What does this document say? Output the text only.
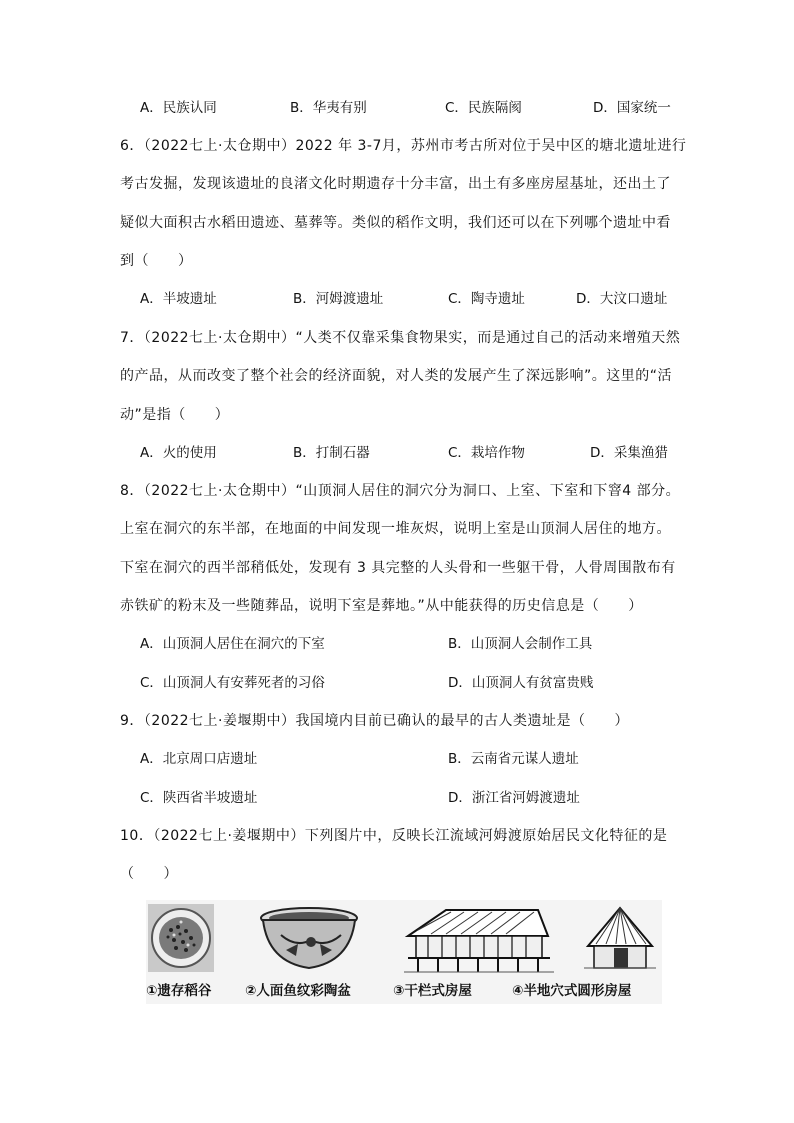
A．民族认同	B．华夷有别	C．民族隔阂	D．国家统一
6．（2022七上·太仓期中）2022 年 3-7月，苏州市考古所对位于吴中区的塘北遗址进行
考古发掘，发现该遗址的良渚文化时期遗存十分丰富，出土有多座房屋基址，还出土了
疑似大面积古水稻田遗迹、墓葬等。类似的稻作文明，我们还可以在下列哪个遗址中看
到（　　）
A．半坡遗址	B．河姆渡遗址	C．陶寺遗址	D．大汶口遗址
7．（2022七上·太仓期中）“人类不仅靠采集食物果实，而是通过自己的活动来增殖天然
的产品，从而改变了整个社会的经济面貌，对人类的发展产生了深远影响”。这里的“活
动”是指（　　）
A．火的使用	B．打制石器	C．栽培作物	D．采集渔猎
8．（2022七上·太仓期中）“山顶洞人居住的洞穴分为洞口、上室、下室和下窨4 部分。
上室在洞穴的东半部，在地面的中间发现一堆灰烬，说明上室是山顶洞人居住的地方。
下室在洞穴的西半部稍低处，发现有 3 具完整的人头骨和一些躯干骨，人骨周围散布有
赤铁矿的粉末及一些随葬品，说明下室是葬地。”从中能获得的历史信息是（　　）
A．山顶洞人居住在洞穴的下室	B．山顶洞人会制作工具
C．山顶洞人有安葬死者的习俗	D．山顶洞人有贫富贵贱
9．（2022七上·姜堰期中）我国境内目前已确认的最早的古人类遗址是（　　）
A．北京周口店遗址	B．云南省元谋人遗址
C．陕西省半坡遗址	D．浙江省河姆渡遗址
10．（2022七上·姜堰期中）下列图片中，反映长江流域河姆渡原始居民文化特征的是
（　　）
①遗存稻谷 ②人面鱼纹彩陶盆	③干栏式房屋	④半地穴式圆形房屋
